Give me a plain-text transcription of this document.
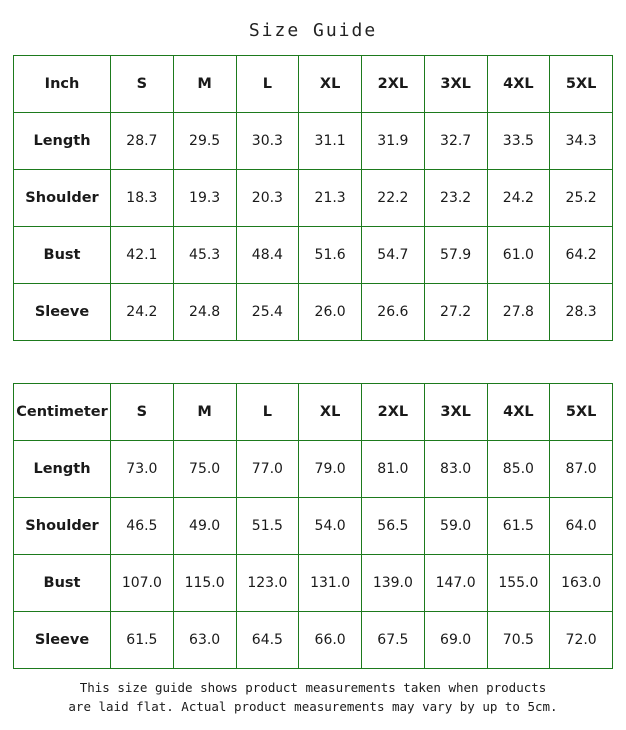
Size Guide
Inch	S	M	L	XL	2XL	3XL	4XL	5XL
Length	28.7	29.5	30.3	31.1	31.9	32.7	33.5	34.3
Shoulder	18.3	19.3	20.3	21.3	22.2	23.2	24.2	25.2
Bust	42.1	45.3	48.4	51.6	54.7	57.9	61.0	64.2
Sleeve	24.2	24.8	25.4	26.0	26.6	27.2	27.8	28.3
Centimeter	S	M	L	XL	2XL	3XL	4XL	5XL
Length	73.0	75.0	77.0	79.0	81.0	83.0	85.0	87.0
Shoulder	46.5	49.0	51.5	54.0	56.5	59.0	61.5	64.0
Bust	107.0	115.0	123.0	131.0	139.0	147.0	155.0	163.0
Sleeve	61.5	63.0	64.5	66.0	67.5	69.0	70.5	72.0
This size guide shows product measurements taken when products
are laid flat. Actual product measurements may vary by up to 5cm.
